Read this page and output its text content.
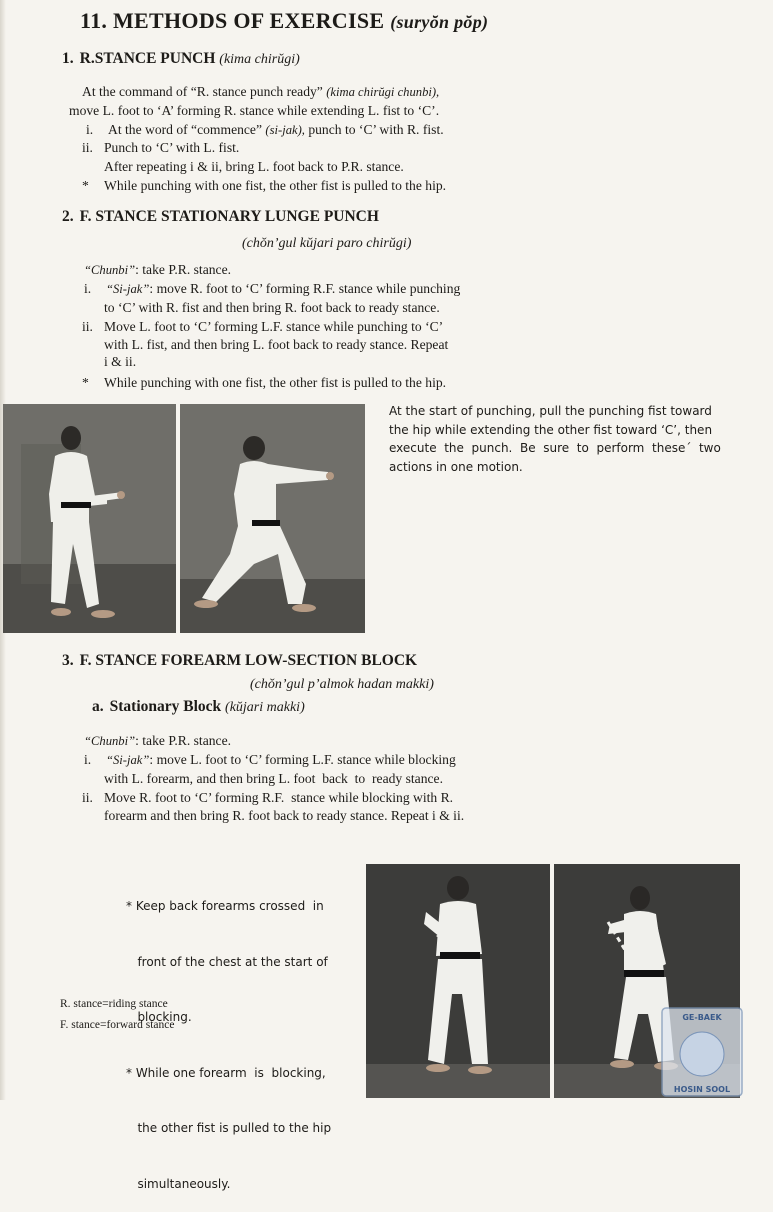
11. METHODS OF EXERCISE (suryŏn pŏp)
1. R.STANCE PUNCH (kima chirŭgi)
At the command of “R. stance punch ready” (kima chirŭgi chunbi),
move L. foot to ‘A’ forming R. stance while extending L. fist to ‘C’.
i.	At the word of “commence” (si-jak), punch to ‘C’ with R. fist.
ii. Punch to ‘C’ with L. fist.
After repeating i & ii, bring L. foot back to P.R. stance.
*	While punching with one fist, the other fist is pulled to the hip.
2. F. STANCE STATIONARY LUNGE PUNCH
(chŏn’gul kŭjari paro chirŭgi)
“Chunbi”: take P.R. stance.
i.	“Si-jak”: move R. foot to ‘C’ forming R.F. stance while punching
to ‘C’ with R. fist and then bring R. foot back to ready stance.
ii. Move L. foot to ‘C’ forming L.F. stance while punching to ‘C’
with L. fist, and then bring L. foot back to ready stance. Repeat
i & ii.
*	While punching with one fist, the other fist is pulled to the hip.
At the start of punching, pull the punching fist toward
the hip while extending the other fist toward ‘C’, then
execute  the  punch.  Be  sure  to  perform  these´  two
actions in one motion.
3. F. STANCE FOREARM LOW-SECTION BLOCK
(chŏn’gul p’almok hadan makki)
a. Stationary Block (kŭjari makki)
“Chunbi”: take P.R. stance.
i.	“Si-jak”: move L. foot to ‘C’ forming L.F. stance while blocking
with L. forearm, and then bring L. foot  back  to  ready stance.
ii. Move R. foot to ‘C’ forming R.F.  stance while blocking with R.
forearm and then bring R. foot back to ready stance. Repeat i & ii.

* Keep back forearms crossed  in

front of the chest at the start of

blocking.

* While one forearm  is  blocking,

the other fist is pulled to the hip

simultaneously.

R. stance=riding stance
F. stance=forward stance
GE-BAEK
HOSIN SOOL
